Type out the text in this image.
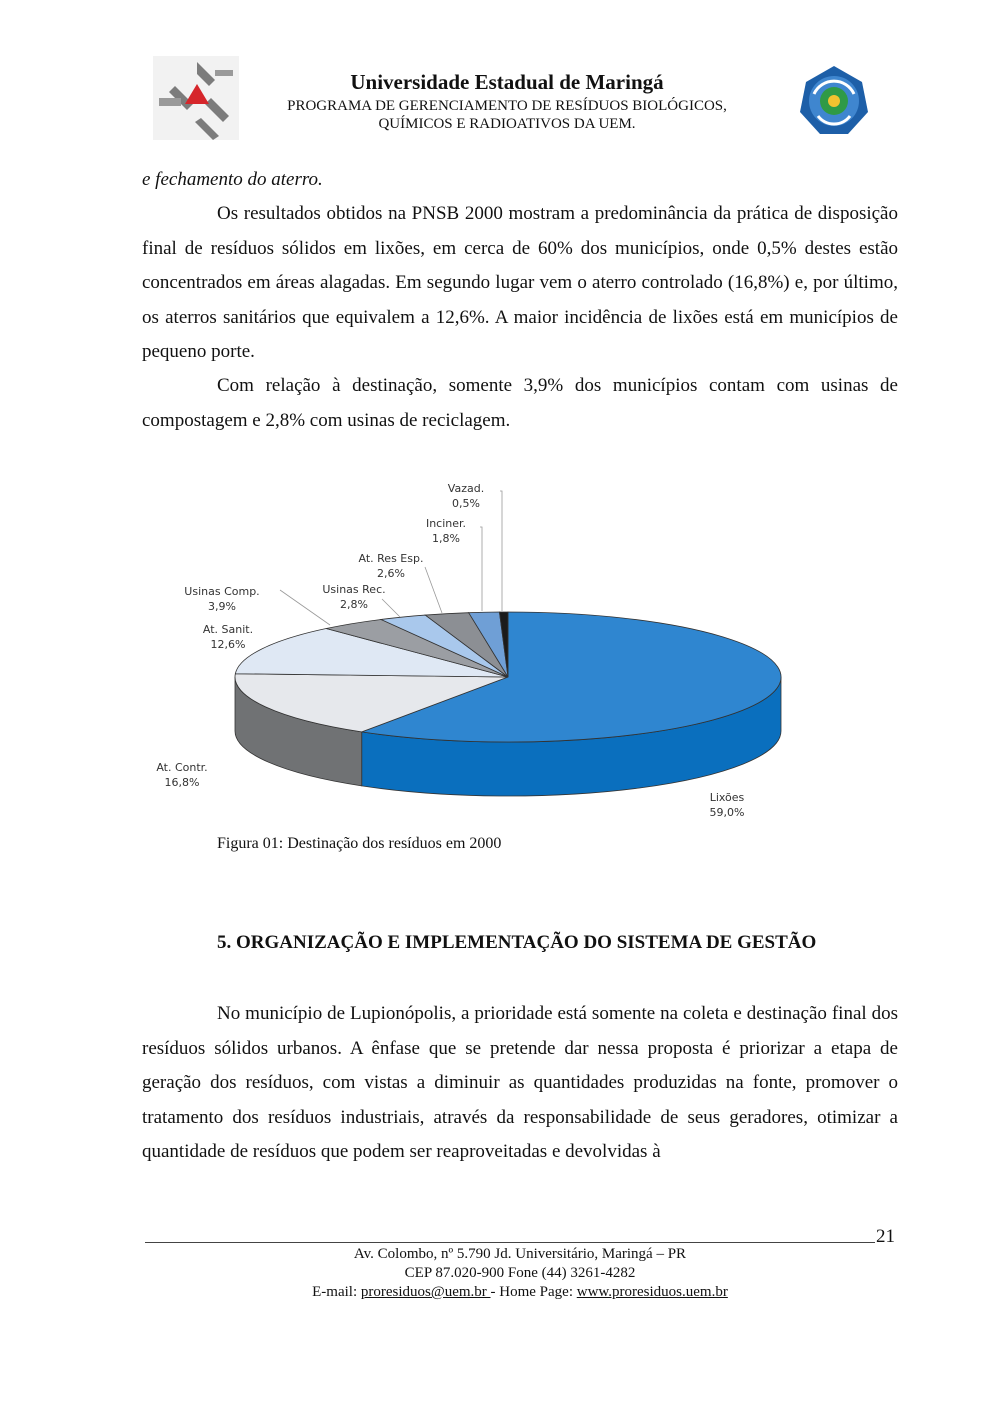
Universidade Estadual de Maringá
PROGRAMA DE GERENCIAMENTO DE RESÍDUOS BIOLÓGICOS,
QUÍMICOS E RADIOATIVOS DA UEM.
e fechamento do aterro.
Os resultados obtidos na PNSB 2000 mostram a predominância da prática de disposição final de resíduos sólidos em lixões, em cerca de 60% dos municípios, onde 0,5% destes estão concentrados em áreas alagadas. Em segundo lugar vem o aterro controlado (16,8%) e, por último, os aterros sanitários que equivalem a 12,6%. A maior incidência de lixões está em municípios de pequeno porte.
Com relação à destinação, somente 3,9% dos municípios contam com usinas de compostagem e 2,8% com usinas de reciclagem.
Lixões
59,0%
At. Contr.
16,8%
At. Sanit.
12,6%
Usinas Comp.
3,9%
Usinas Rec.
2,8%
At. Res Esp.
2,6%
Inciner.
1,8%
Vazad.
0,5%
Figura 01: Destinação dos resíduos em 2000
5. ORGANIZAÇÃO E IMPLEMENTAÇÃO DO SISTEMA DE GESTÃO
No município de Lupionópolis, a prioridade está somente na coleta e destinação final dos resíduos sólidos urbanos. A ênfase que se pretende dar nessa proposta é priorizar a etapa de geração dos resíduos, com vistas a diminuir as quantidades produzidas na fonte, promover o tratamento dos resíduos industriais, através da responsabilidade de seus geradores, otimizar a quantidade de resíduos que podem ser reaproveitadas e devolvidas à
21
Av. Colombo, nº 5.790 Jd. Universitário, Maringá – PR
CEP 87.020-900 Fone (44) 3261-4282
E-mail: proresiduos@uem.br - Home Page: www.proresiduos.uem.br
